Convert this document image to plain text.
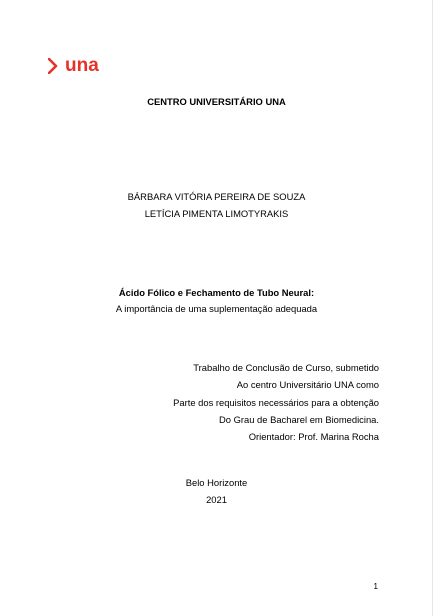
una
CENTRO UNIVERSITÁRIO UNA
BÁRBARA VITÓRIA PEREIRA DE SOUZA
LETÍCIA PIMENTA LIMOTYRAKIS
Ácido Fólico e Fechamento de Tubo Neural:
A importância de uma suplementação adequada
Trabalho de Conclusão de Curso, submetido
Ao centro Universitário UNA como
Parte dos requisitos necessários para a obtenção
Do Grau de Bacharel em Biomedicina.
Orientador: Prof. Marina Rocha
Belo Horizonte
2021
1
